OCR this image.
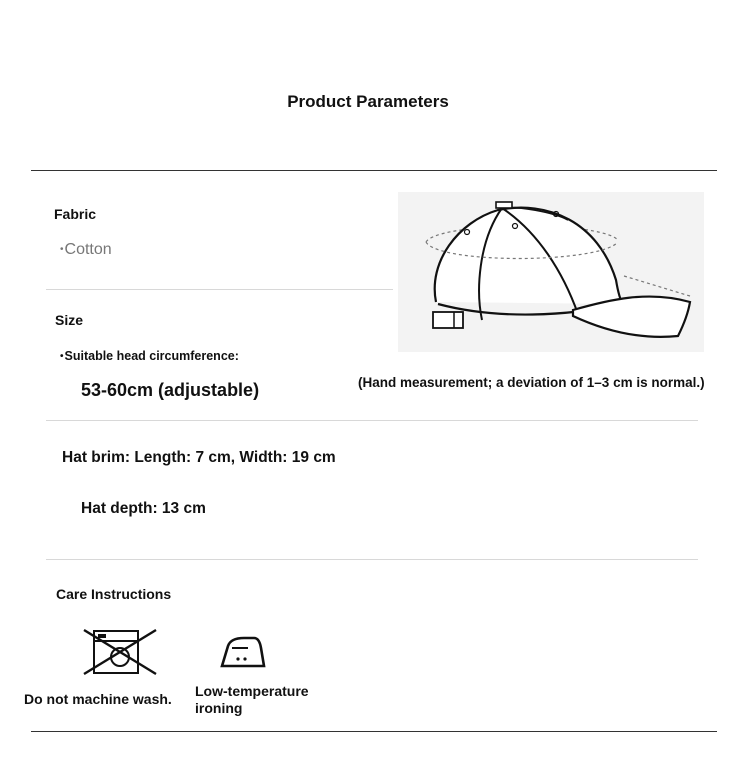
Product Parameters
Fabric
•Cotton
Size
•Suitable head circumference:
53-60cm (adjustable)	(Hand measurement; a deviation of 1–3 cm is normal.)
Hat brim: Length: 7 cm, Width: 19 cm
Hat depth: 13 cm
Care Instructions
Do not machine wash. Low-temperature
ironing
